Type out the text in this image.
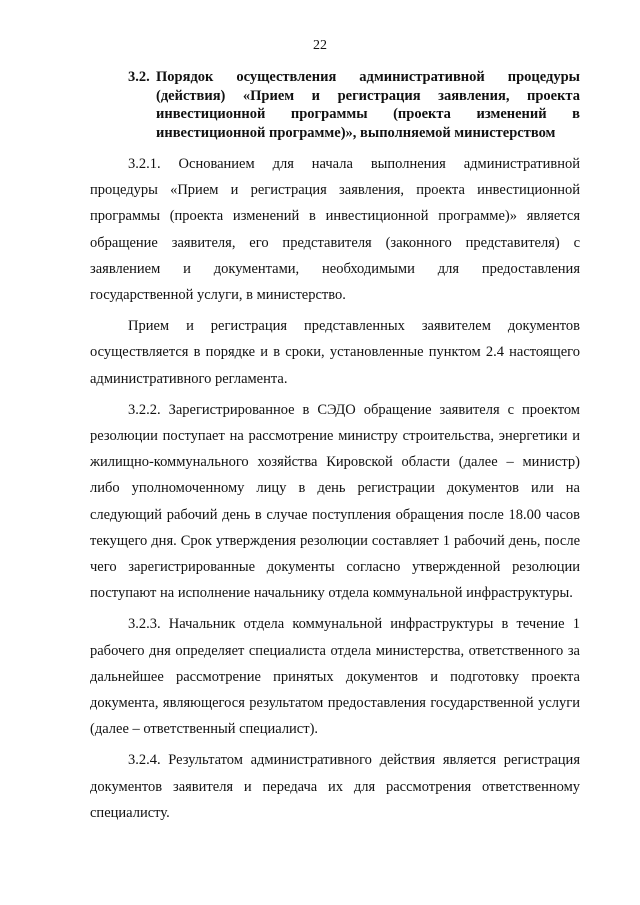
22
3.2. Порядок осуществления административной процедуры (действия) «Прием и регистрация заявления, проекта инвестиционной программы (проекта изменений в инвестиционной программе)», выполняемой министерством

3.2.1. Основанием для начала выполнения административной процедуры «Прием и регистрация заявления, проекта инвестиционной программы (проекта изменений в инвестиционной программе)» является обращение заявителя, его представителя (законного представителя) с заявлением и документами, необходимыми для предоставления государственной услуги, в министерство.

Прием и регистрация представленных заявителем документов осуществляется в порядке и в сроки, установленные пунктом 2.4 настоящего административного регламента.

3.2.2. Зарегистрированное в СЭДО обращение заявителя с проектом резолюции поступает на рассмотрение министру строительства, энергетики и жилищно-коммунального хозяйства Кировской области (далее – министр) либо уполномоченному лицу в день регистрации документов или на следующий рабочий день в случае поступления обращения после 18.00 часов текущего дня. Срок утверждения резолюции составляет 1 рабочий день, после чего зарегистрированные документы согласно утвержденной резолюции поступают на исполнение начальнику отдела коммунальной инфраструктуры.

3.2.3. Начальник отдела коммунальной инфраструктуры в течение 1 рабочего дня определяет специалиста отдела министерства, ответственного за дальнейшее рассмотрение принятых документов и подготовку проекта документа, являющегося результатом предоставления государственной услуги (далее – ответственный специалист).

3.2.4. Результатом административного действия является регистрация документов заявителя и передача их для рассмотрения ответственному специалисту.
